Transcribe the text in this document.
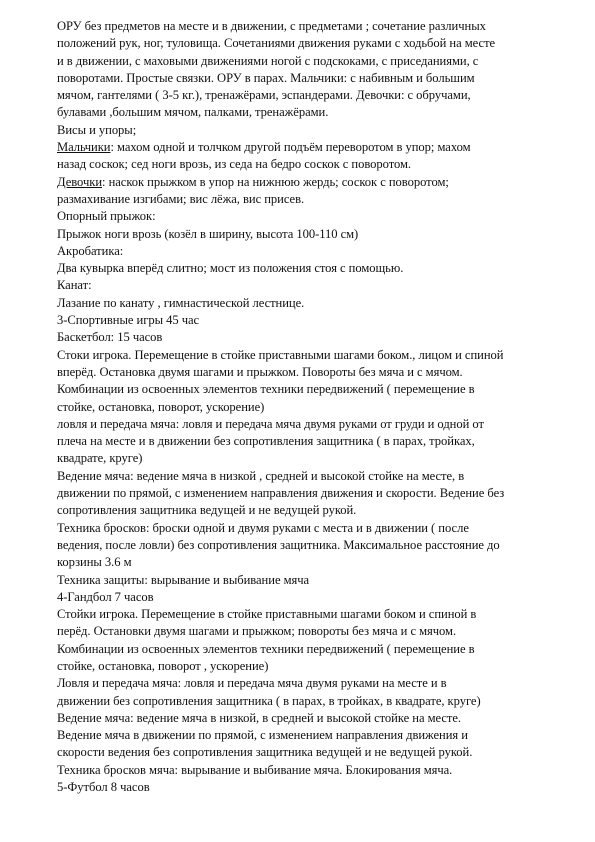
ОРУ без предметов на месте и в движении, с предметами ; сочетание различных
положений рук, ног, туловища. Сочетаниями движения руками с ходьбой на месте
и в движении, с маховыми движениями ногой с подскоками, с приседаниями, с
поворотами. Простые связки. ОРУ в парах. Мальчики: с набивным и большим
мячом, гантелями ( 3-5 кг.), тренажёрами, эспандерами. Девочки: с обручами,
булавами ,большим мячом, палками, тренажёрами.
Висы и упоры;
Мальчики: махом одной и толчком другой подъём переворотом в упор; махом
назад соскок; сед ноги врозь, из седа на бедро соскок с поворотом.
Девочки: наскок прыжком в упор на нижнюю жердь; соскок с поворотом;
размахивание изгибами; вис лёжа, вис присев.
Опорный прыжок:
Прыжок ноги врозь (козёл в ширину, высота 100-110 см)
Акробатика:
Два кувырка вперёд слитно; мост из положения стоя с помощью.
Канат:
Лазание по канату , гимнастической лестнице.
3-Спортивные игры 45 час
Баскетбол: 15 часов
Стоки игрока. Перемещение в стойке приставными шагами боком., лицом и спиной
вперёд. Остановка двумя шагами и прыжком. Повороты без мяча и с мячом.
Комбинации из освоенных элементов техники передвижений ( перемещение в
стойке, остановка, поворот, ускорение)
ловля и передача мяча: ловля и передача мяча двумя руками от груди и одной от
плеча на месте и в движении без сопротивления защитника ( в парах, тройках,
квадрате, круге)
Ведение мяча: ведение мяча в низкой , средней и высокой стойке на месте, в
движении по прямой, с изменением направления движения и скорости. Ведение без
сопротивления защитника ведущей и не ведущей рукой.
Техника бросков: броски одной и двумя руками с места и в движении ( после
ведения, после ловли) без сопротивления защитника. Максимальное расстояние до
корзины 3.6 м
Техника защиты: вырывание и выбивание мяча
4-Гандбол 7 часов
Стойки игрока. Перемещение в стойке приставными шагами боком и спиной в
перёд. Остановки двумя шагами и прыжком; повороты без мяча и с мячом.
Комбинации из освоенных элементов техники передвижений ( перемещение в
стойке, остановка, поворот , ускорение)
Ловля и передача мяча: ловля и передача мяча двумя руками на месте и в
движении без сопротивления защитника ( в парах, в тройках, в квадрате, круге)
Ведение мяча: ведение мяча в низкой, в средней и высокой стойке на месте.
Ведение мяча в движении по прямой, с изменением направления движения и
скорости ведения без сопротивления защитника ведущей и не ведущей рукой.
Техника бросков мяча: вырывание и выбивание мяча. Блокирования мяча.
5-Футбол 8 часов
